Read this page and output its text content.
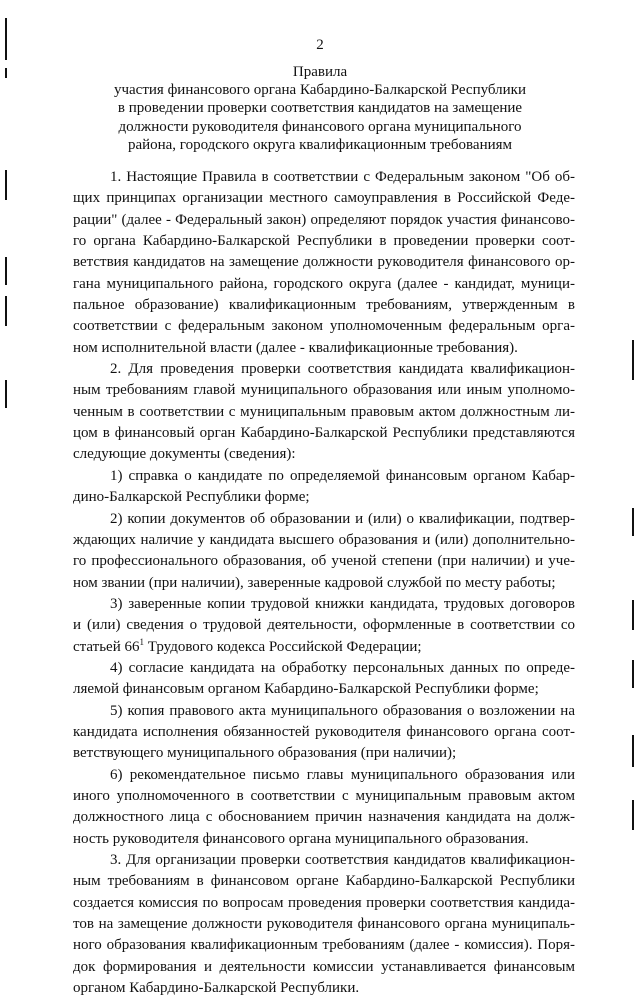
2
Правила
участия финансового органа Кабардино-Балкарской Республики
в проведении проверки соответствия кандидатов на замещение
должности руководителя финансового органа муниципального
района, городского округа квалификационным требованиям
1. Настоящие Правила в соответствии с Федеральным законом "Об об-
щих принципах организации местного самоуправления в Российской Феде-
рации" (далее - Федеральный закон) определяют порядок участия финансово-
го органа Кабардино-Балкарской Республики в проведении проверки соот-
ветствия кандидатов на замещение должности руководителя финансового ор-
гана муниципального района, городского округа (далее - кандидат, муници-
пальное образование) квалификационным требованиям, утвержденным в
соответствии с федеральным законом уполномоченным федеральным орга-
ном исполнительной власти (далее - квалификационные требования).
2. Для проведения проверки соответствия кандидата квалификацион-
ным требованиям главой муниципального образования или иным уполномо-
ченным в соответствии с муниципальным правовым актом должностным ли-
цом в финансовый орган Кабардино-Балкарской Республики представляются
следующие документы (сведения):
1) справка о кандидате по определяемой финансовым органом Кабар-
дино-Балкарской Республики форме;
2) копии документов об образовании и (или) о квалификации, подтвер-
ждающих наличие у кандидата высшего образования и (или) дополнительно-
го профессионального образования, об ученой степени (при наличии) и уче-
ном звании (при наличии), заверенные кадровой службой по месту работы;
3) заверенные копии трудовой книжки кандидата, трудовых договоров
и (или) сведения о трудовой деятельности, оформленные в соответствии со
статьей $66^1$ Трудового кодекса Российской Федерации;
4) согласие кандидата на обработку персональных данных по опреде-
ляемой финансовым органом Кабардино-Балкарской Республики форме;
5) копия правового акта муниципального образования о возложении на
кандидата исполнения обязанностей руководителя финансового органа соот-
ветствующего муниципального образования (при наличии);
6) рекомендательное письмо главы муниципального образования или
иного уполномоченного в соответствии с муниципальным правовым актом
должностного лица с обоснованием причин назначения кандидата на долж-
ность руководителя финансового органа муниципального образования.
3. Для организации проверки соответствия кандидатов квалификацион-
ным требованиям в финансовом органе Кабардино-Балкарской Республики
создается комиссия по вопросам проведения проверки соответствия кандида-
тов на замещение должности руководителя финансового органа муниципаль-
ного образования квалификационным требованиям (далее - комиссия). Поря-
док формирования и деятельности комиссии устанавливается финансовым
органом Кабардино-Балкарской Республики.
